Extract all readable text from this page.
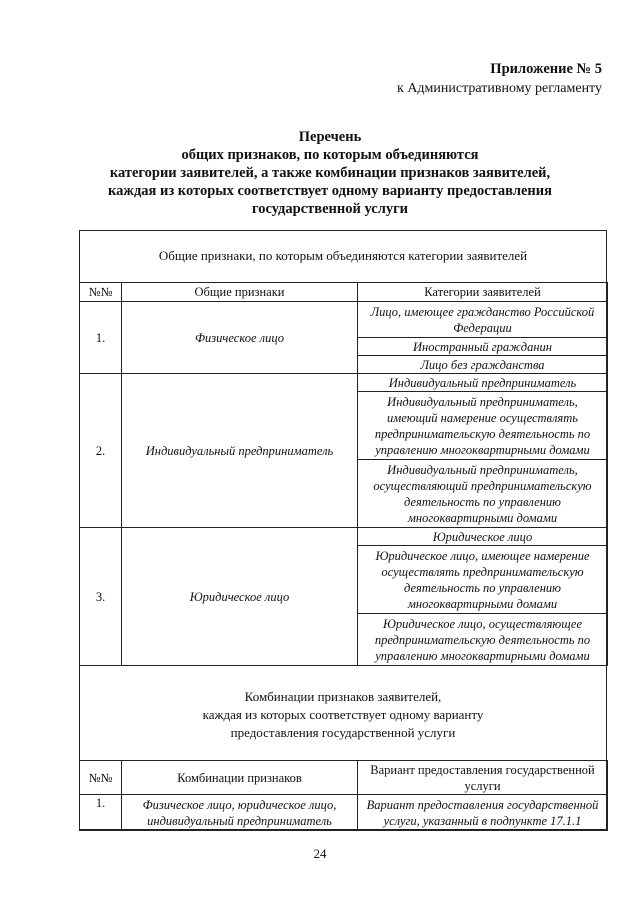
Приложение № 5
к Административному регламенту
Перечень
общих признаков, по которым объединяются
категории заявителей, а также комбинации признаков заявителей,
каждая из которых соответствует одному варианту предоставления
государственной услуги
Общие признаки, по которым объединяются категории заявителей
№№	Общие признаки	Категории заявителей
1.	Физическое лицо	Лицо, имеющее гражданство Российской Федерации
		Иностранный гражданин
		Лицо без гражданства
2.	Индивидуальный предприниматель	Индивидуальный предприниматель
		Индивидуальный предприниматель, имеющий намерение осуществлять предпринимательскую деятельность по управлению многоквартирными домами
		Индивидуальный предприниматель, осуществляющий предпринимательскую деятельность по управлению многоквартирными домами
3.	Юридическое лицо	Юридическое лицо
		Юридическое лицо, имеющее намерение осуществлять предпринимательскую деятельность по управлению многоквартирными домами
		Юридическое лицо, осуществляющее предпринимательскую деятельность по управлению многоквартирными домами
Комбинации признаков заявителей,
каждая из которых соответствует одному варианту
предоставления государственной услуги
№№	Комбинации признаков	Вариант предоставления государственной услуги
1.	Физическое лицо, юридическое лицо, индивидуальный предприниматель	Вариант предоставления государственной услуги, указанный в подпункте 17.1.1
24
